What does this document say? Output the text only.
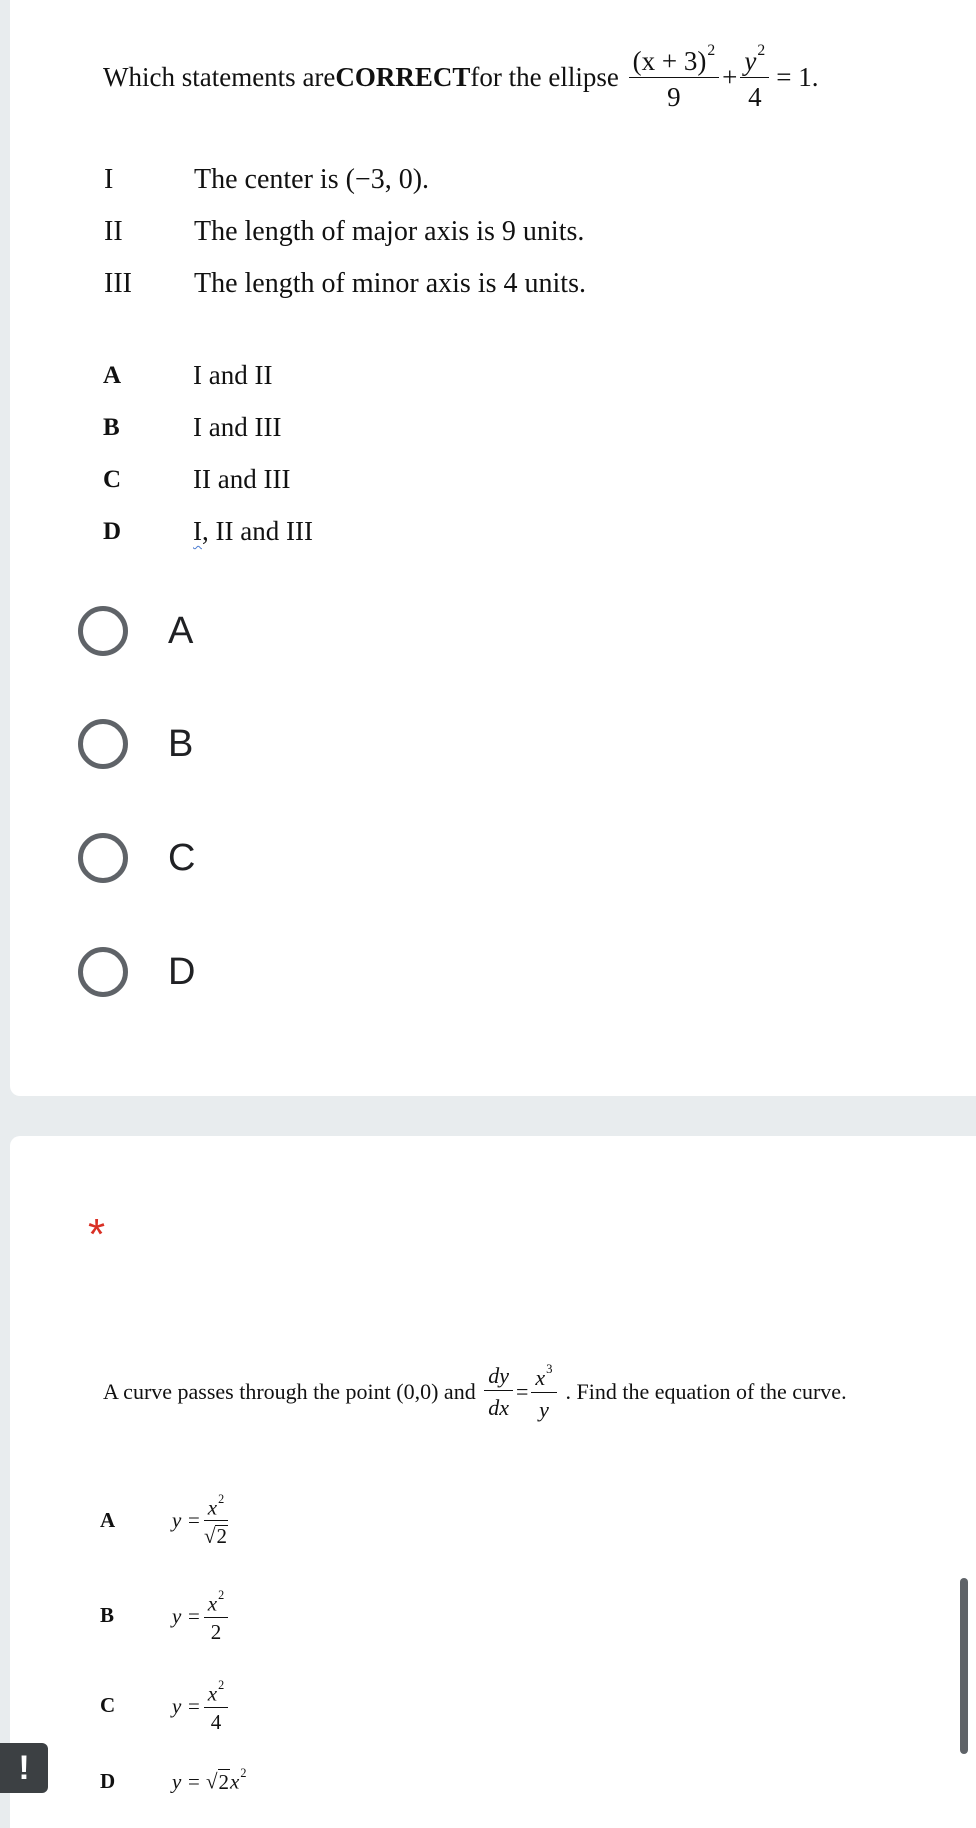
Which statements are CORRECT for the ellipse
$\frac{(x + 3)^2}{9} + \frac{y^2}{4} = 1$.
I	The center is (−3, 0).
II	The length of major axis is 9 units.
III The length of minor axis is 4 units.
A	I and II
B	I and III
C	II and III
D	I, II and III
A
B
C
D
*
A curve passes through the point (0,0) and
$\frac{dy}{dx} = \frac{x^3}{y}$ . Find the equation of the curve.
A	$y = \frac{x^2}{√2}$
B	$y = \frac{x^2}{2}$
C	$y = \frac{x^2}{4}$
D	$y = √2x^2$
!
